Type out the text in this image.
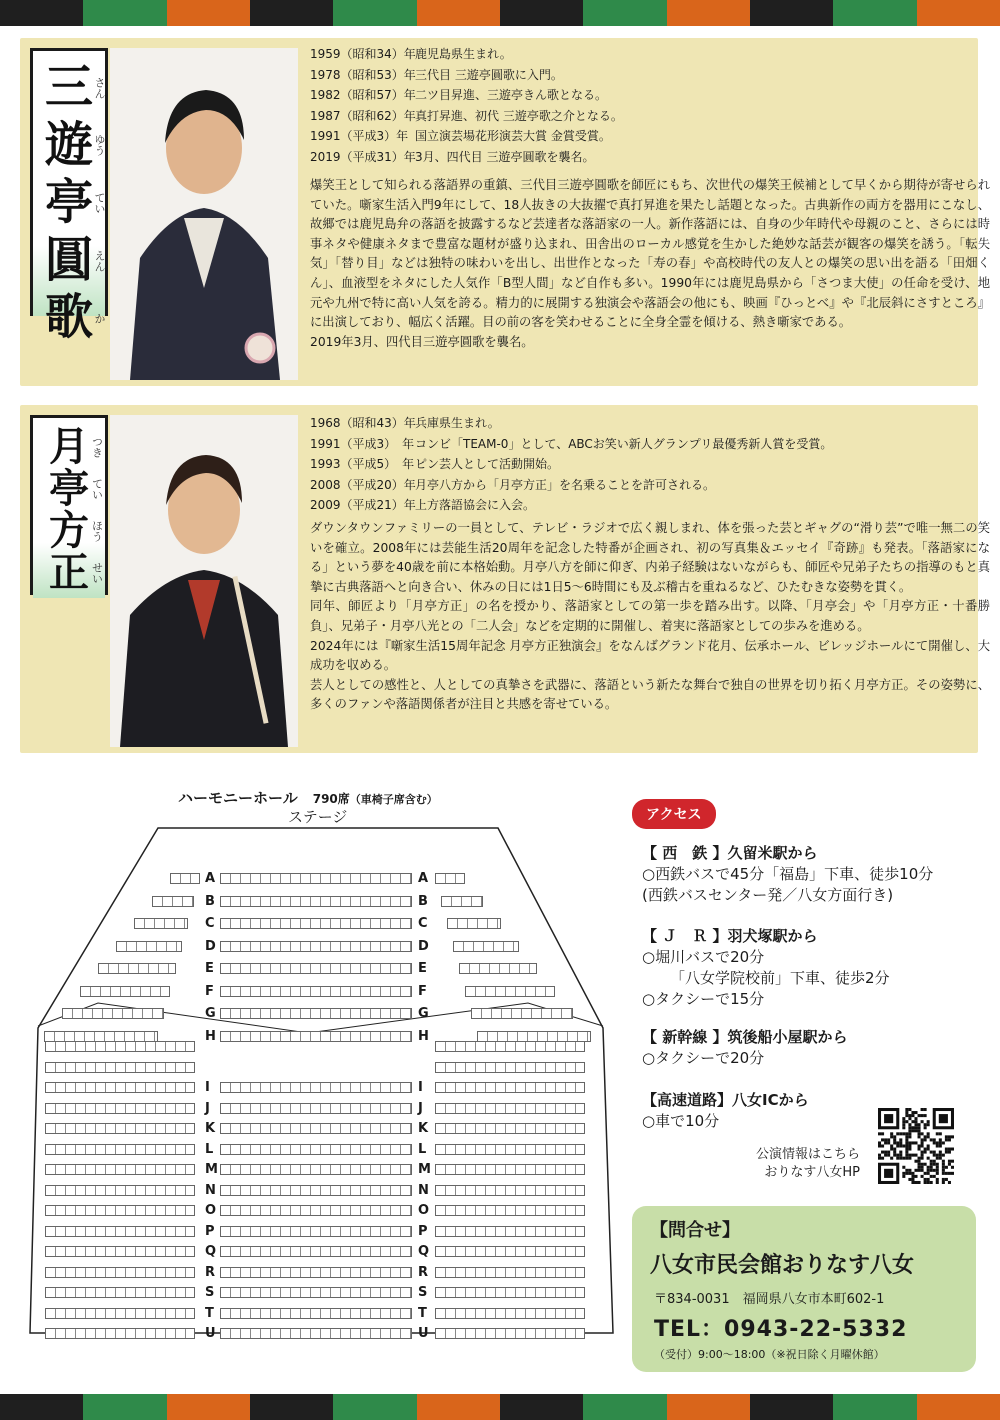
三
遊
亭
圓
歌
さん
ゆう
てい
えん
か
1959（昭和34）年鹿児島県生まれ。
1978（昭和53）年三代目 三遊亭圓歌に入門。
1982（昭和57）年二ツ目昇進、三遊亭きん歌となる。
1987（昭和62）年真打昇進、初代 三遊亭歌之介となる。
1991（平成3）年 国立演芸場花形演芸大賞 金賞受賞。
2019（平成31）年3月、四代目 三遊亭圓歌を襲名。

爆笑王として知られる落語界の重鎮、三代目三遊亭圓歌を師匠にもち、次世代の爆笑王候補として早くから期待が寄せられていた。噺家生活入門9年にして、18人抜きの大抜擢で真打昇進を果たし話題となった。古典新作の両方を器用にこなし、故郷では鹿児島弁の落語を披露するなど芸達者な落語家の一人。新作落語には、自身の少年時代や母親のこと、さらには時事ネタや健康ネタまで豊富な題材が盛り込まれ、田舎出のローカル感覚を生かした絶妙な話芸が観客の爆笑を誘う。「転失気」「替り目」などは独特の味わいを出し、出世作となった「寿の春」や高校時代の友人との爆笑の思い出を語る「田畑くん」、血液型をネタにした人気作「B型人間」など自作も多い。1990年には鹿児島県から「さつま大使」の任命を受け、地元や九州で特に高い人気を誇る。精力的に展開する独演会や落語会の他にも、映画『ひっとべ』や『北辰斜にさすところ』に出演しており、幅広く活躍。目の前の客を笑わせることに全身全霊を傾ける、熱き噺家である。

2019年3月、四代目三遊亭圓歌を襲名。

月
亭
方
正
つき
てい
ほう
せい
1968（昭和43）年兵庫県生まれ。
1991（平成3）　年コンビ「TEAM-0」として、ABCお笑い新人グランプリ最優秀新人賞を受賞。
1993（平成5）　年ピン芸人として活動開始。
2008（平成20）年月亭八方から「月亭方正」を名乗ることを許可される。
2009（平成21）年上方落語協会に入会。

ダウンタウンファミリーの一員として、テレビ・ラジオで広く親しまれ、体を張った芸とギャグの“滑り芸”で唯一無二の笑いを確立。2008年には芸能生活20周年を記念した特番が企画され、初の写真集＆エッセイ『奇跡』も発表。「落語家になる」という夢を40歳を前に本格始動。月亭八方を師に仰ぎ、内弟子経験はないながらも、師匠や兄弟子たちの指導のもと真摯に古典落語へと向き合い、休みの日には1日5〜6時間にも及ぶ稽古を重ねるなど、ひたむきな姿勢を貫く。

同年、師匠より「月亭方正」の名を授かり、落語家としての第一歩を踏み出す。以降、「月亭会」や「月亭方正・十番勝負」、兄弟子・月亭八光との「二人会」などを定期的に開催し、着実に落語家としての歩みを進める。

2024年には『噺家生活15周年記念 月亭方正独演会』をなんばグランド花月、伝承ホール、ビレッジホールにて開催し、大成功を収める。

芸人としての感性と、人としての真摯さを武器に、落語という新たな舞台で独自の世界を切り拓く月亭方正。その姿勢に、多くのファンや落語関係者が注目と共感を寄せている。

ハーモニーホール　 790席（車椅子席含む）
ステージ
A	A
B	B
C	C
D	D
E	E
F	F
G	G
H	H
I	I
J	J
K	K
L	L
M	M
N	N
O	O
P	P
Q	Q
R	R
S	S
T	T
U	U
アクセス
【 西　鉄 】久留米駅から
○西鉄バスで45分「福島」下車、徒歩10分
(西鉄バスセンター発／八女方面行き)
【 Ｊ　Ｒ 】羽犬塚駅から
○堀川バスで20分
「八女学院校前」下車、徒歩2分
○タクシーで15分
【 新幹線 】筑後船小屋駅から
○タクシーで20分
【高速道路】八女ICから
○車で10分
公演情報はこちら
おりなす八女HP
【問合せ】
八女市民会館おりなす八女
〒834-0031　福岡県八女市本町602-1
TEL：0943-22-5332
（受付）9:00〜18:00（※祝日除く月曜休館）
